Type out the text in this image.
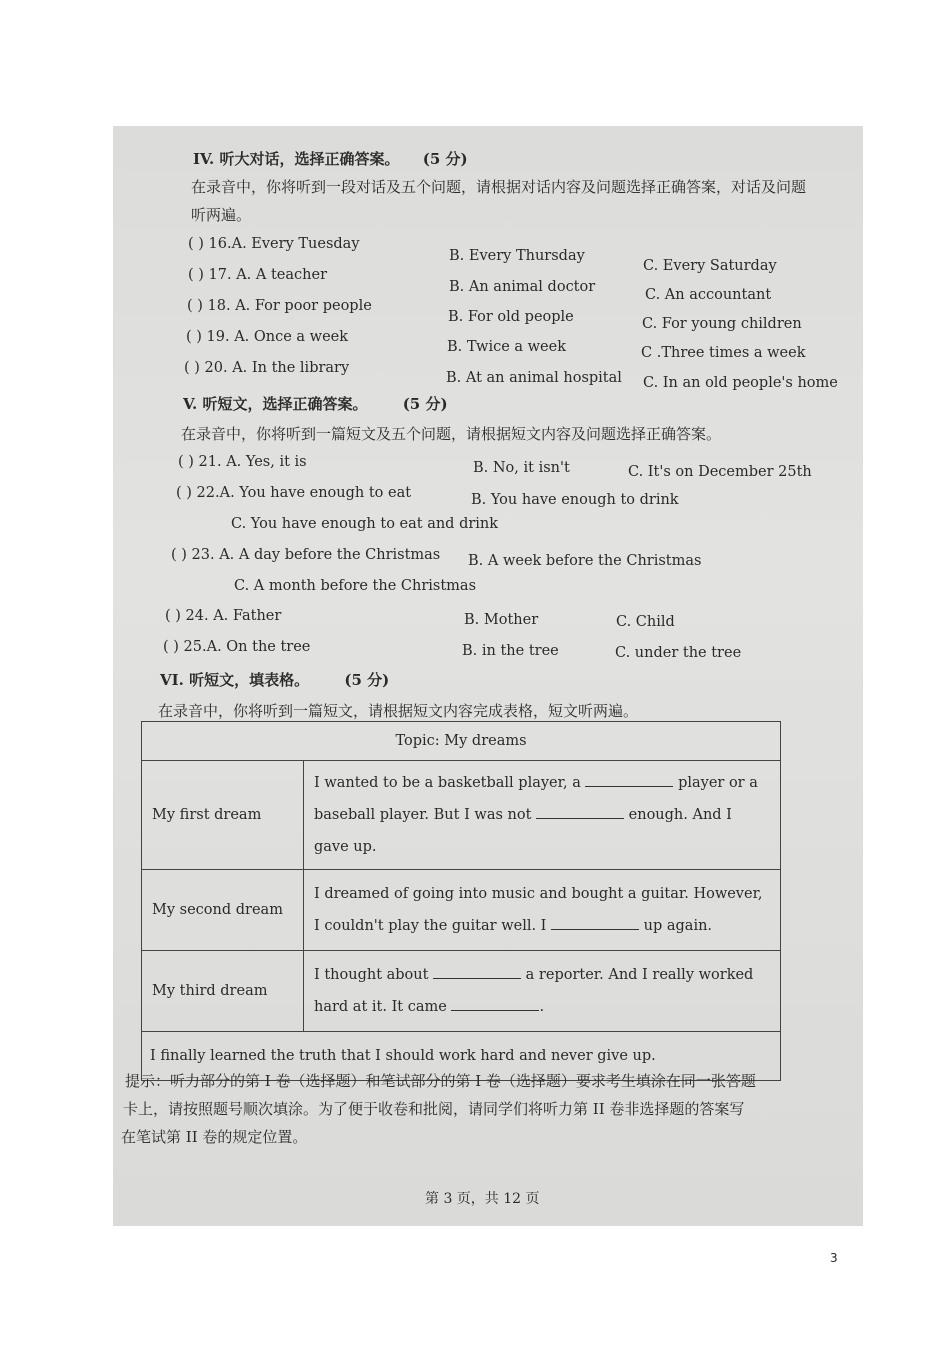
IV. 听大对话，选择正确答案。 (5 分)
在录音中，你将听到一段对话及五个问题，请根据对话内容及问题选择正确答案，对话及问题
听两遍。
( ) 16.A. Every Tuesday
B. Every Thursday
C. Every Saturday
( ) 17. A. A teacher
B. An animal doctor	C. An accountant
( ) 18. A. For poor people
B. For old people	C. For young children
( ) 19. A. Once a week
B. Twice a week	C .Three times a week
( ) 20. A. In the library
B. At an animal hospital C. In an old people's home
V. 听短文，选择正确答案。 (5 分)
在录音中，你将听到一篇短文及五个问题，请根据短文内容及问题选择正确答案。
( ) 21. A. Yes, it is	B. No, it isn't	C. It's on December 25th
( ) 22.A. You have enough to eat	B. You have enough to drink
C. You have enough to eat and drink
( ) 23. A. A day before the Christmas B. A week before the Christmas
C. A month before the Christmas
( ) 24. A. Father	B. Mother	C. Child
( ) 25.A. On the tree	B. in the tree	C. under the tree
VI. 听短文，填表格。 (5 分)
在录音中，你将听到一篇短文，请根据短文内容完成表格，短文听两遍。
Topic: My dreams	
My first dream	I wanted to be a basketball player, a player or a baseball player. But I was not enough. And I gave up.
My second dream	I dreamed of going into music and bought a guitar. However, I couldn't play the guitar well. I up again.
My third dream	I thought about a reporter. And I really worked hard at it. It came .
I finally learned the truth that I should work hard and never give up.	
提示：听力部分的第 I 卷（选择题）和笔试部分的第 I 卷（选择题）要求考生填涂在同一张答题
卡上，请按照题号顺次填涂。为了便于收卷和批阅，请同学们将听力第 II 卷非选择题的答案写
在笔试第 II 卷的规定位置。
第 3 页，共 12 页
3
